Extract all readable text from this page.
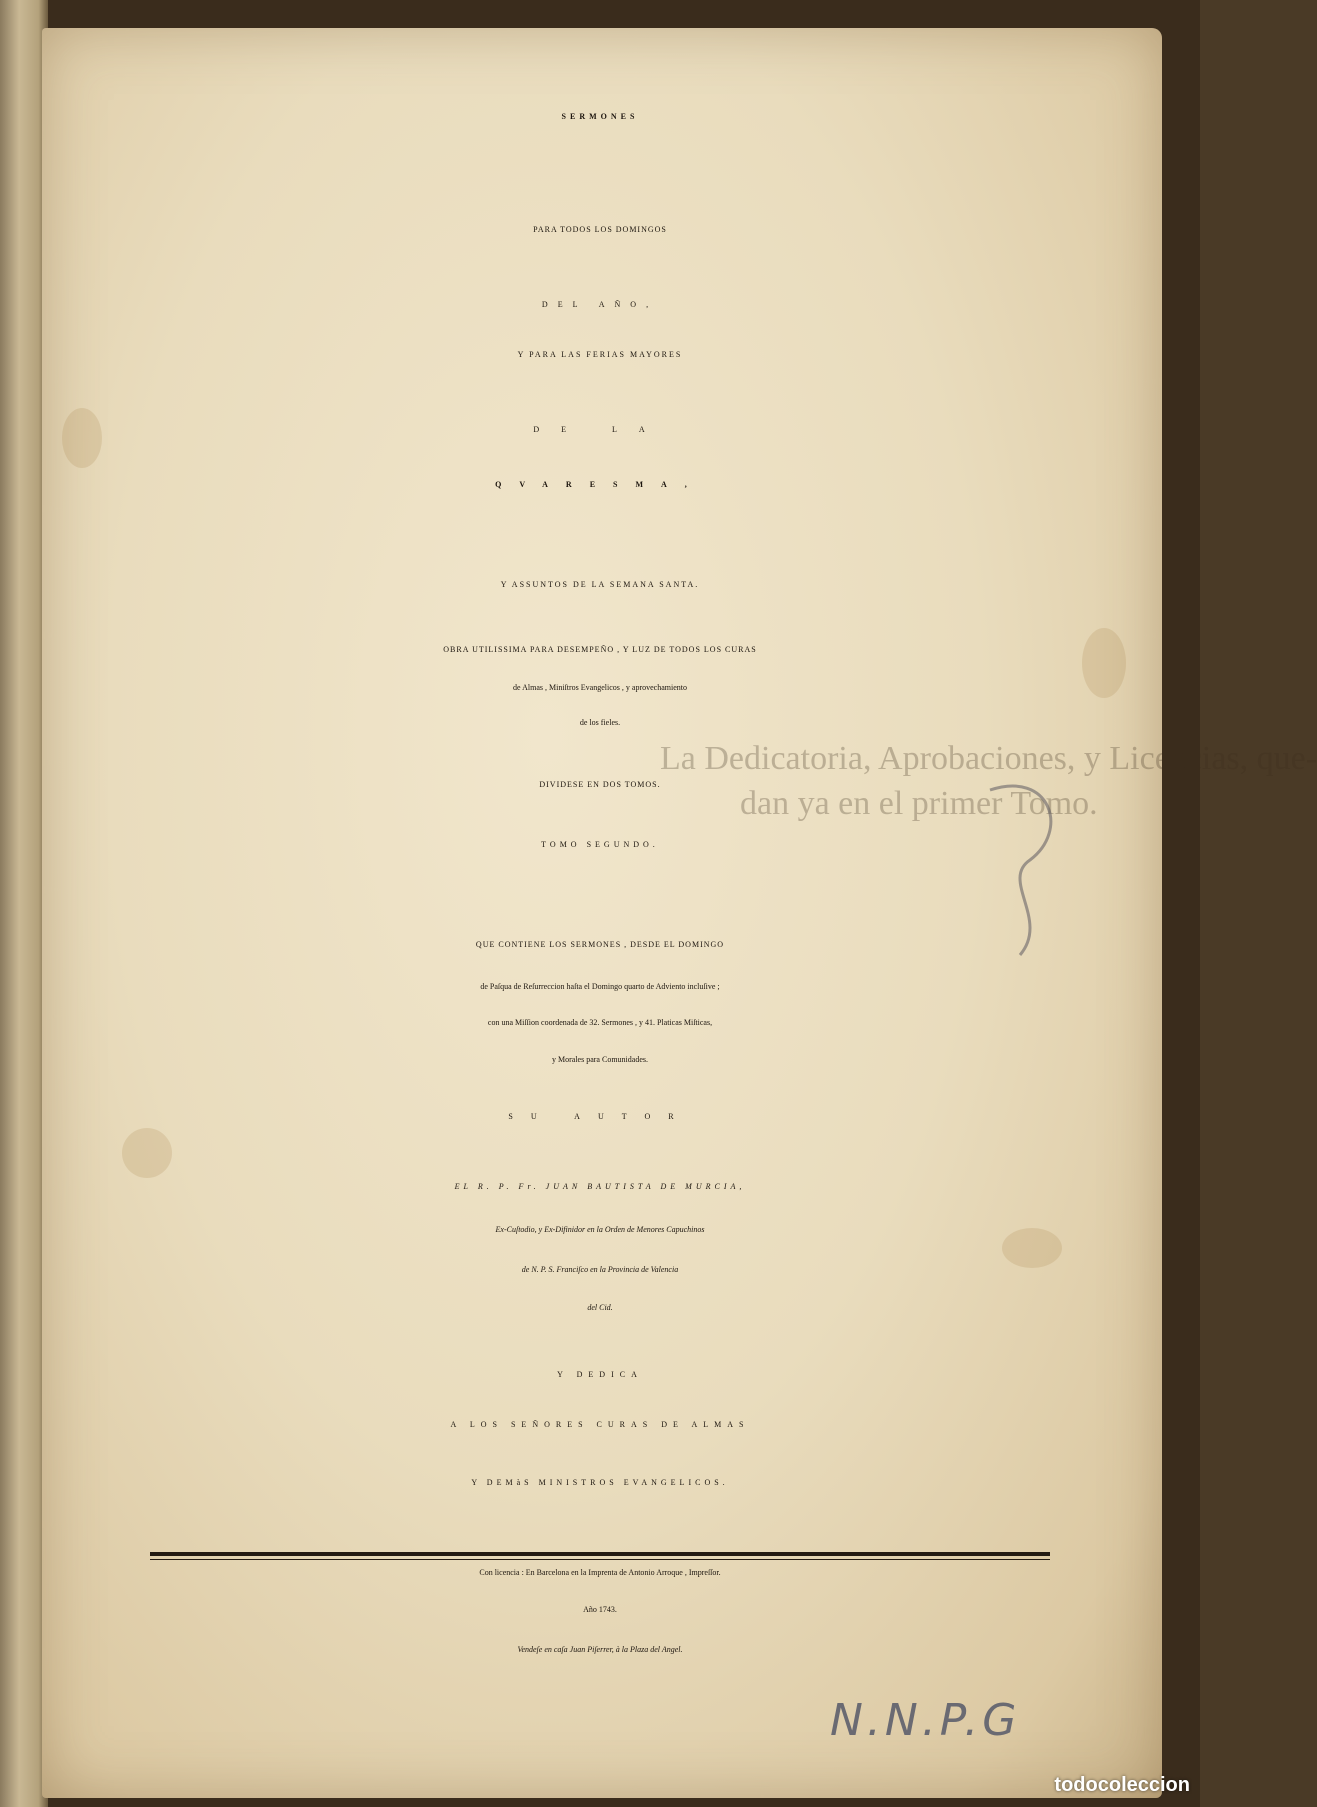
La Dedicatoria, Aprobaciones, y Licencias, que-
dan ya en el primer Tomo.
SERMONES
PARA TODOS LOS DOMINGOS
DEL AÑO,
Y PARA LAS FERIAS MAYORES
DE LA
QVARESMA,
Y ASSUNTOS DE LA SEMANA SANTA.
OBRA UTILISSIMA PARA DESEMPEÑO , Y LUZ DE TODOS LOS CURAS
de Almas , Miniſtros Evangelicos , y aprovechamiento
de los fieles.
DIVIDESE EN DOS TOMOS.
TOMO SEGUNDO.
QUE CONTIENE LOS SERMONES , DESDE EL DOMINGO
de Paſqua de Reſurreccion haſta el Domingo quarto de Adviento incluſive ;
con una Miſſion coordenada de 32. Sermones , y 41. Platicas Miſticas,
y Morales para Comunidades.
SU AUTOR
EL R. P. Fr. JUAN BAUTISTA DE MURCIA,
Ex-Cuſtodio, y Ex-Difinidor en la Orden de Menores Capuchinos
de N. P. S. Franciſco en la Provincia de Valencia
del Cid.
Y DEDICA
A LOS SEÑORES CURAS DE ALMAS
Y DEMàS MINISTROS EVANGELICOS.
Con licencia : En Barcelona en la Imprenta de Antonio Arroque , Impreſſor.
Año 1743.
Vendeſe en caſa Juan Piſerrer, à la Plaza del Angel.
N.N.P.G
todocoleccion
